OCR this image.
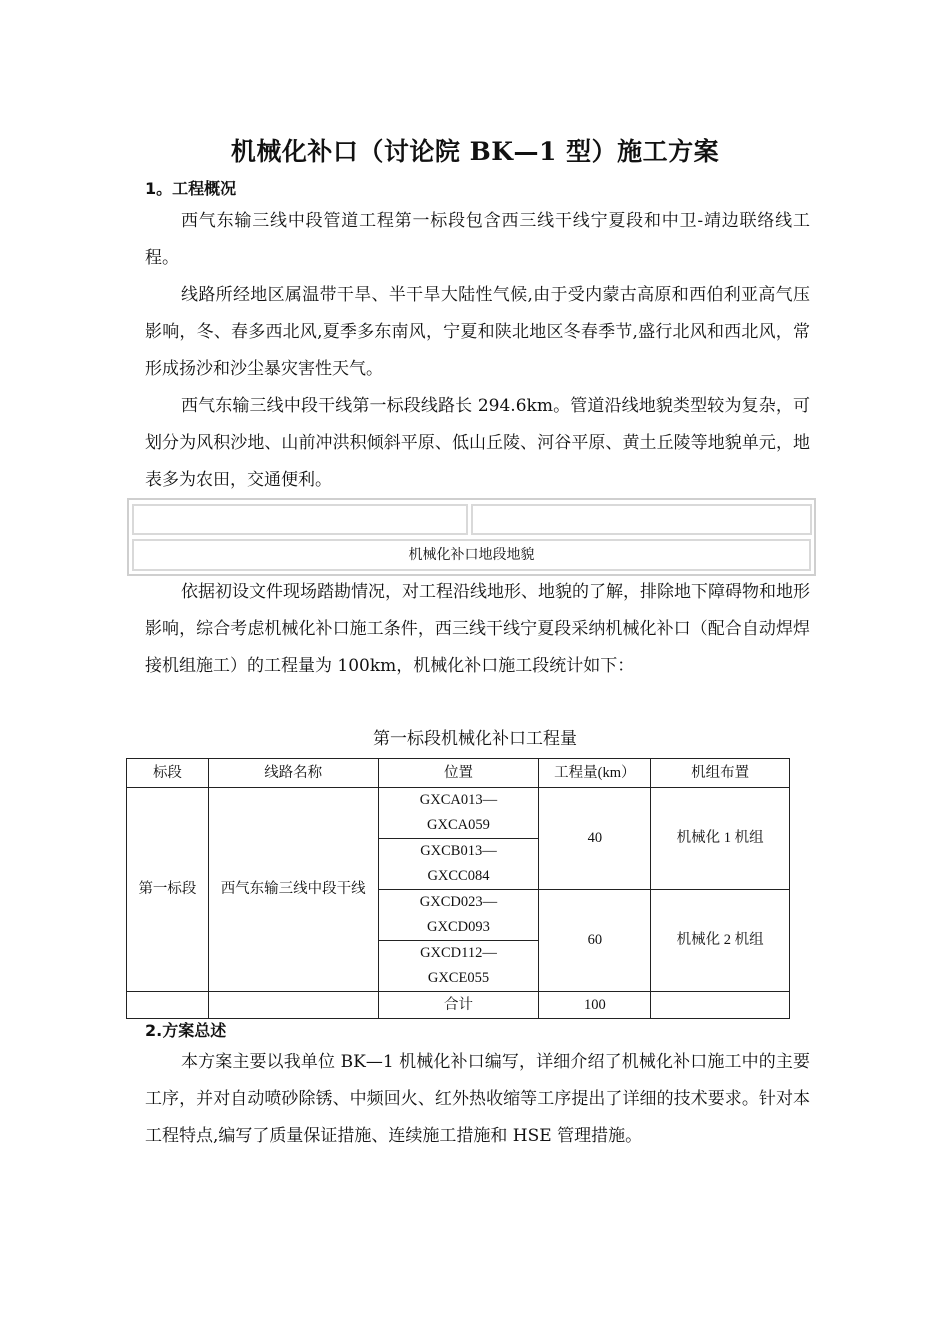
机械化补口（讨论院 BK—1 型）施工方案
1。工程概况
西气东输三线中段管道工程第一标段包含西三线干线宁夏段和中卫-靖边联络线工程。
线路所经地区属温带干旱、半干旱大陆性气候,由于受内蒙古高原和西伯利亚高气压影响，冬、春多西北风,夏季多东南风，宁夏和陕北地区冬春季节,盛行北风和西北风，常形成扬沙和沙尘暴灾害性天气。
西气东输三线中段干线第一标段线路长 294.6km。管道沿线地貌类型较为复杂，可划分为风积沙地、山前冲洪积倾斜平原、低山丘陵、河谷平原、黄土丘陵等地貌单元，地表多为农田，交通便利。
机械化补口地段地貌
依据初设文件现场踏勘情况，对工程沿线地形、地貌的了解，排除地下障碍物和地形影响，综合考虑机械化补口施工条件，西三线干线宁夏段采纳机械化补口（配合自动焊焊接机组施工）的工程量为 100km，机械化补口施工段统计如下：
第一标段机械化补口工程量
标段	线路名称	位置	工程量(km）	机组布置
第一标段	西气东输三线中段干线	GXCA013—GXCA059	40	机械化 1 机组
		GXCB013—GXCC084		
		GXCD023—GXCD093	60	机械化 2 机组
		GXCD112—GXCE055		
		合计	100	
2.方案总述
本方案主要以我单位 BK—1 机械化补口编写，详细介绍了机械化补口施工中的主要工序，并对自动喷砂除锈、中频回火、红外热收缩等工序提出了详细的技术要求。针对本工程特点,编写了质量保证措施、连续施工措施和 HSE 管理措施。
